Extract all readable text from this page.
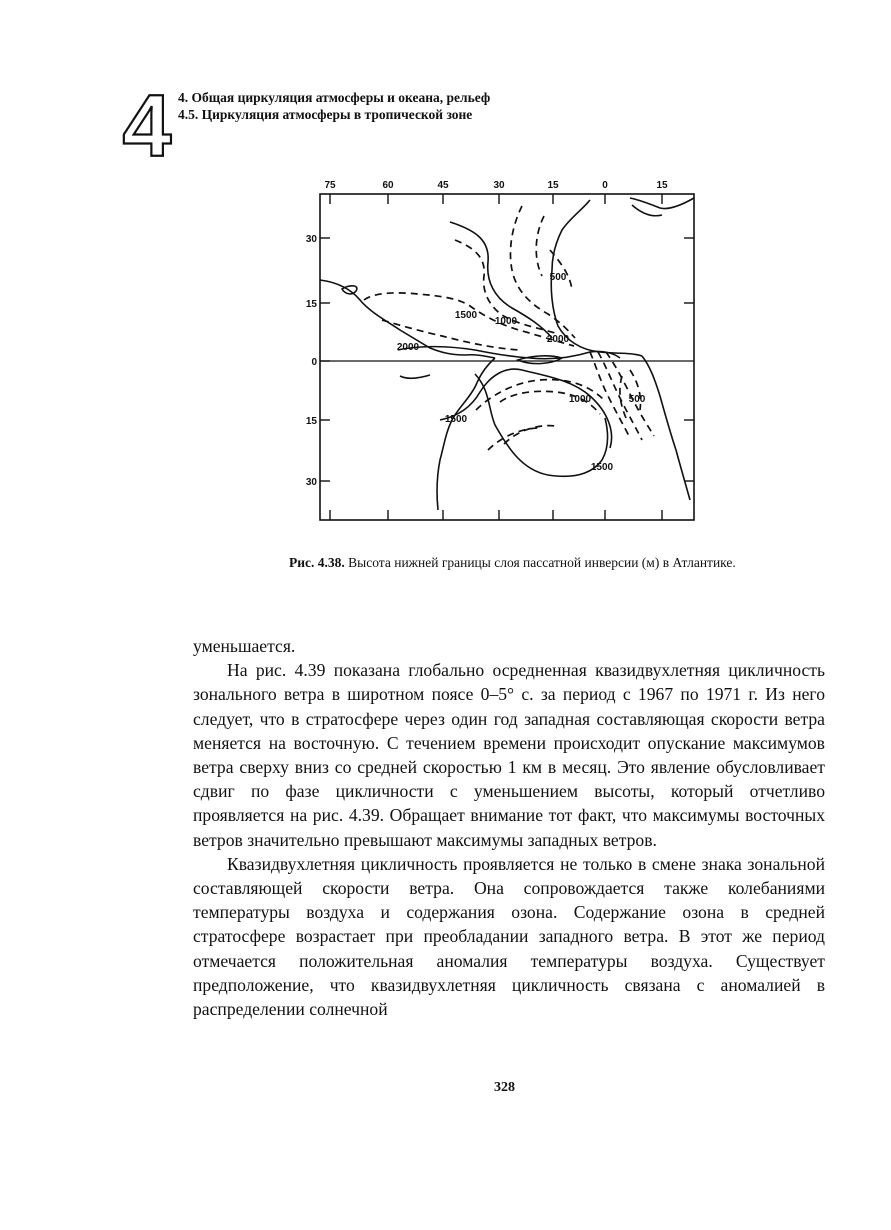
4 4. Общая циркуляция атмосферы и океана, рельеф
4.5. Циркуляция атмосферы в тропической зоне
75	60	45	30	15	0	15
30
15
0
15
30
500
1500
1000
2000
2000
1000	500
1500
1500
Рис. 4.38. Высота нижней границы слоя пассатной инверсии (м) в Атлантике.

уменьшается.

На рис. 4.39 показана глобально осредненная квазидвухлетняя цикличность зонального ветра в широтном поясе 0–5° с. за период с 1967 по 1971 г. Из него следует, что в стратосфере через один год западная составляющая скорости ветра меняется на восточную. С течением времени происходит опускание максимумов ветра сверху вниз со средней скоростью 1 км в месяц. Это явление обусловливает сдвиг по фазе цикличности с уменьшением высоты, который отчетливо проявляется на рис. 4.39. Обращает внимание тот факт, что максимумы восточных ветров значительно превышают максимумы западных ветров.

Квазидвухлетняя цикличность проявляется не только в смене знака зональной составляющей скорости ветра. Она сопровождается также колебаниями температуры воздуха и содержания озона. Содержание озона в средней стратосфере возрастает при преобладании западного ветра. В этот же период отмечается положительная аномалия температуры воздуха. Существует предположение, что квазидвухлетняя цикличность связана с аномалией в распределении солнечной

328
